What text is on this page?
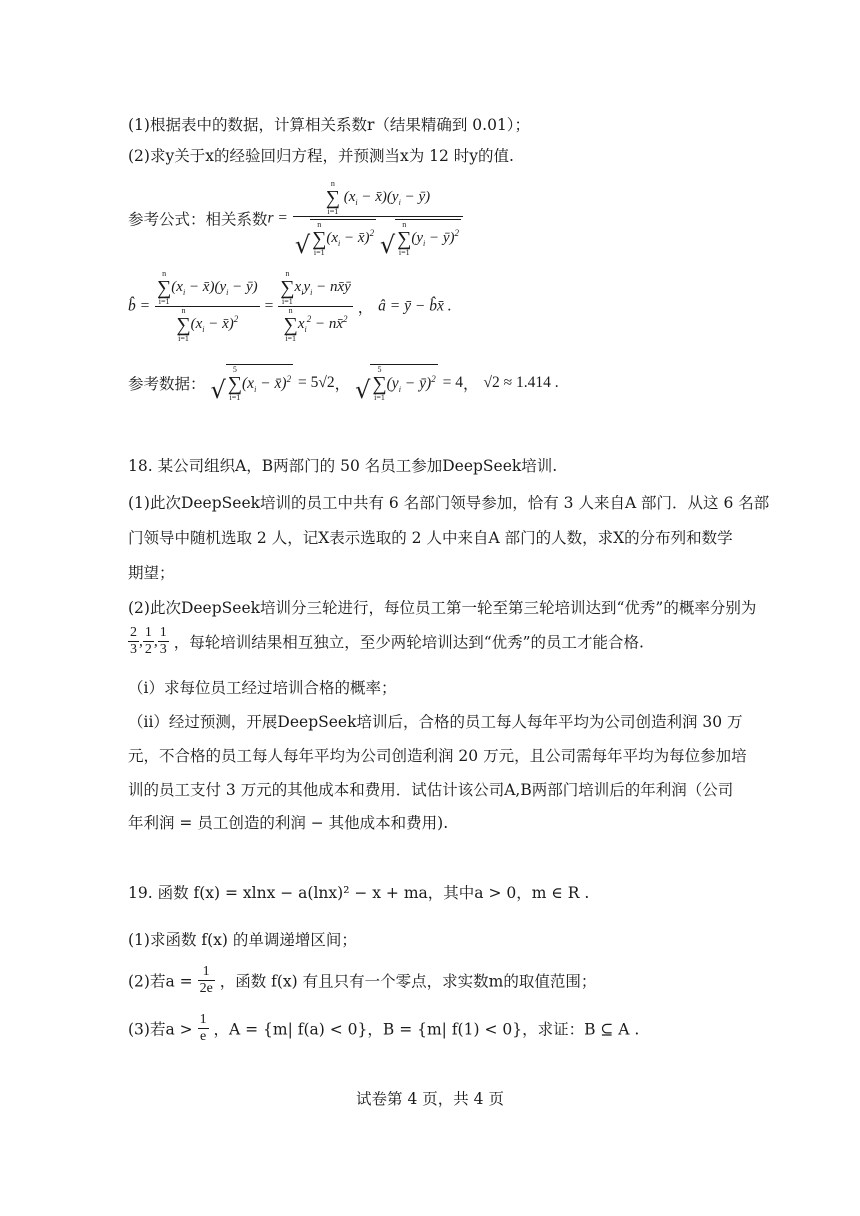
(1)根据表中的数据，计算相关系数r（结果精确到 0.01）；
(2)求y关于x的经验回归方程，并预测当x为 12 时y的值.
参考公式：相关系数r = n
∑
i=1
($x_i$ − $x̄)(y_i$ − ȳ)
√
n
∑
i=1
($x_i$ − x̄)$^2$ √
n
∑
i=1
($y_i$ − ȳ)$^2$
b̂ = n
∑
i=1
($x_i$ − $x̄)(y_i$ − ȳ)
n
∑
i=1
($x_i$ − x̄)$^2$ = n
∑
i=1
$x_iy_i$ − nx̄ȳ
n
∑
i=1
$x_i^2$ − nx̄$^2$ ， â = ȳ − b̂x̄ .
参考数据： √
5
∑
i=1
($x_i$ − x̄)$^2$ = 5√2， √
5
∑
i=1
($y_i$ − ȳ)$^2$ = 4， √2 ≈ 1.414 .
18. 某公司组织A，B两部门的 50 名员工参加DeepSeek培训.
(1)此次DeepSeek培训的员工中共有 6 名部门领导参加，恰有 3 人来自A 部门．从这 6 名部
门领导中随机选取 2 人，记X表示选取的 2 人中来自A 部门的人数，求X的分布列和数学
期望；
(2)此次DeepSeek培训分三轮进行，每位员工第一轮至第三轮培训达到“优秀”的概率分别为
$\frac{2}{3}$ , $\frac{1}{2}$ , $\frac{1}{3}$ ，每轮培训结果相互独立，至少两轮培训达到“优秀”的员工才能合格.
（i）求每位员工经过培训合格的概率；
（ii）经过预测，开展DeepSeek培训后，合格的员工每人每年平均为公司创造利润 30 万
元，不合格的员工每人每年平均为公司创造利润 20 万元，且公司需每年平均为每位参加培
训的员工支付 3 万元的其他成本和费用．试估计该公司A,B两部门培训后的年利润（公司
年利润 = 员工创造的利润 − 其他成本和费用).
19. 函数 f(x) = xlnx − a(lnx)² − x + ma，其中a > 0，m ∈ R .
(1)求函数 f(x) 的单调递增区间；
(2)若$a = \frac{1}{2e}$ ，函数 f(x) 有且只有一个零点，求实数m的取值范围；
(3)若$a > \frac{1}{e}$ ，A = {m| f(a) < 0}，B = {m| f(1) < 0}，求证：B ⊆ A .
试卷第 4 页，共 4 页
